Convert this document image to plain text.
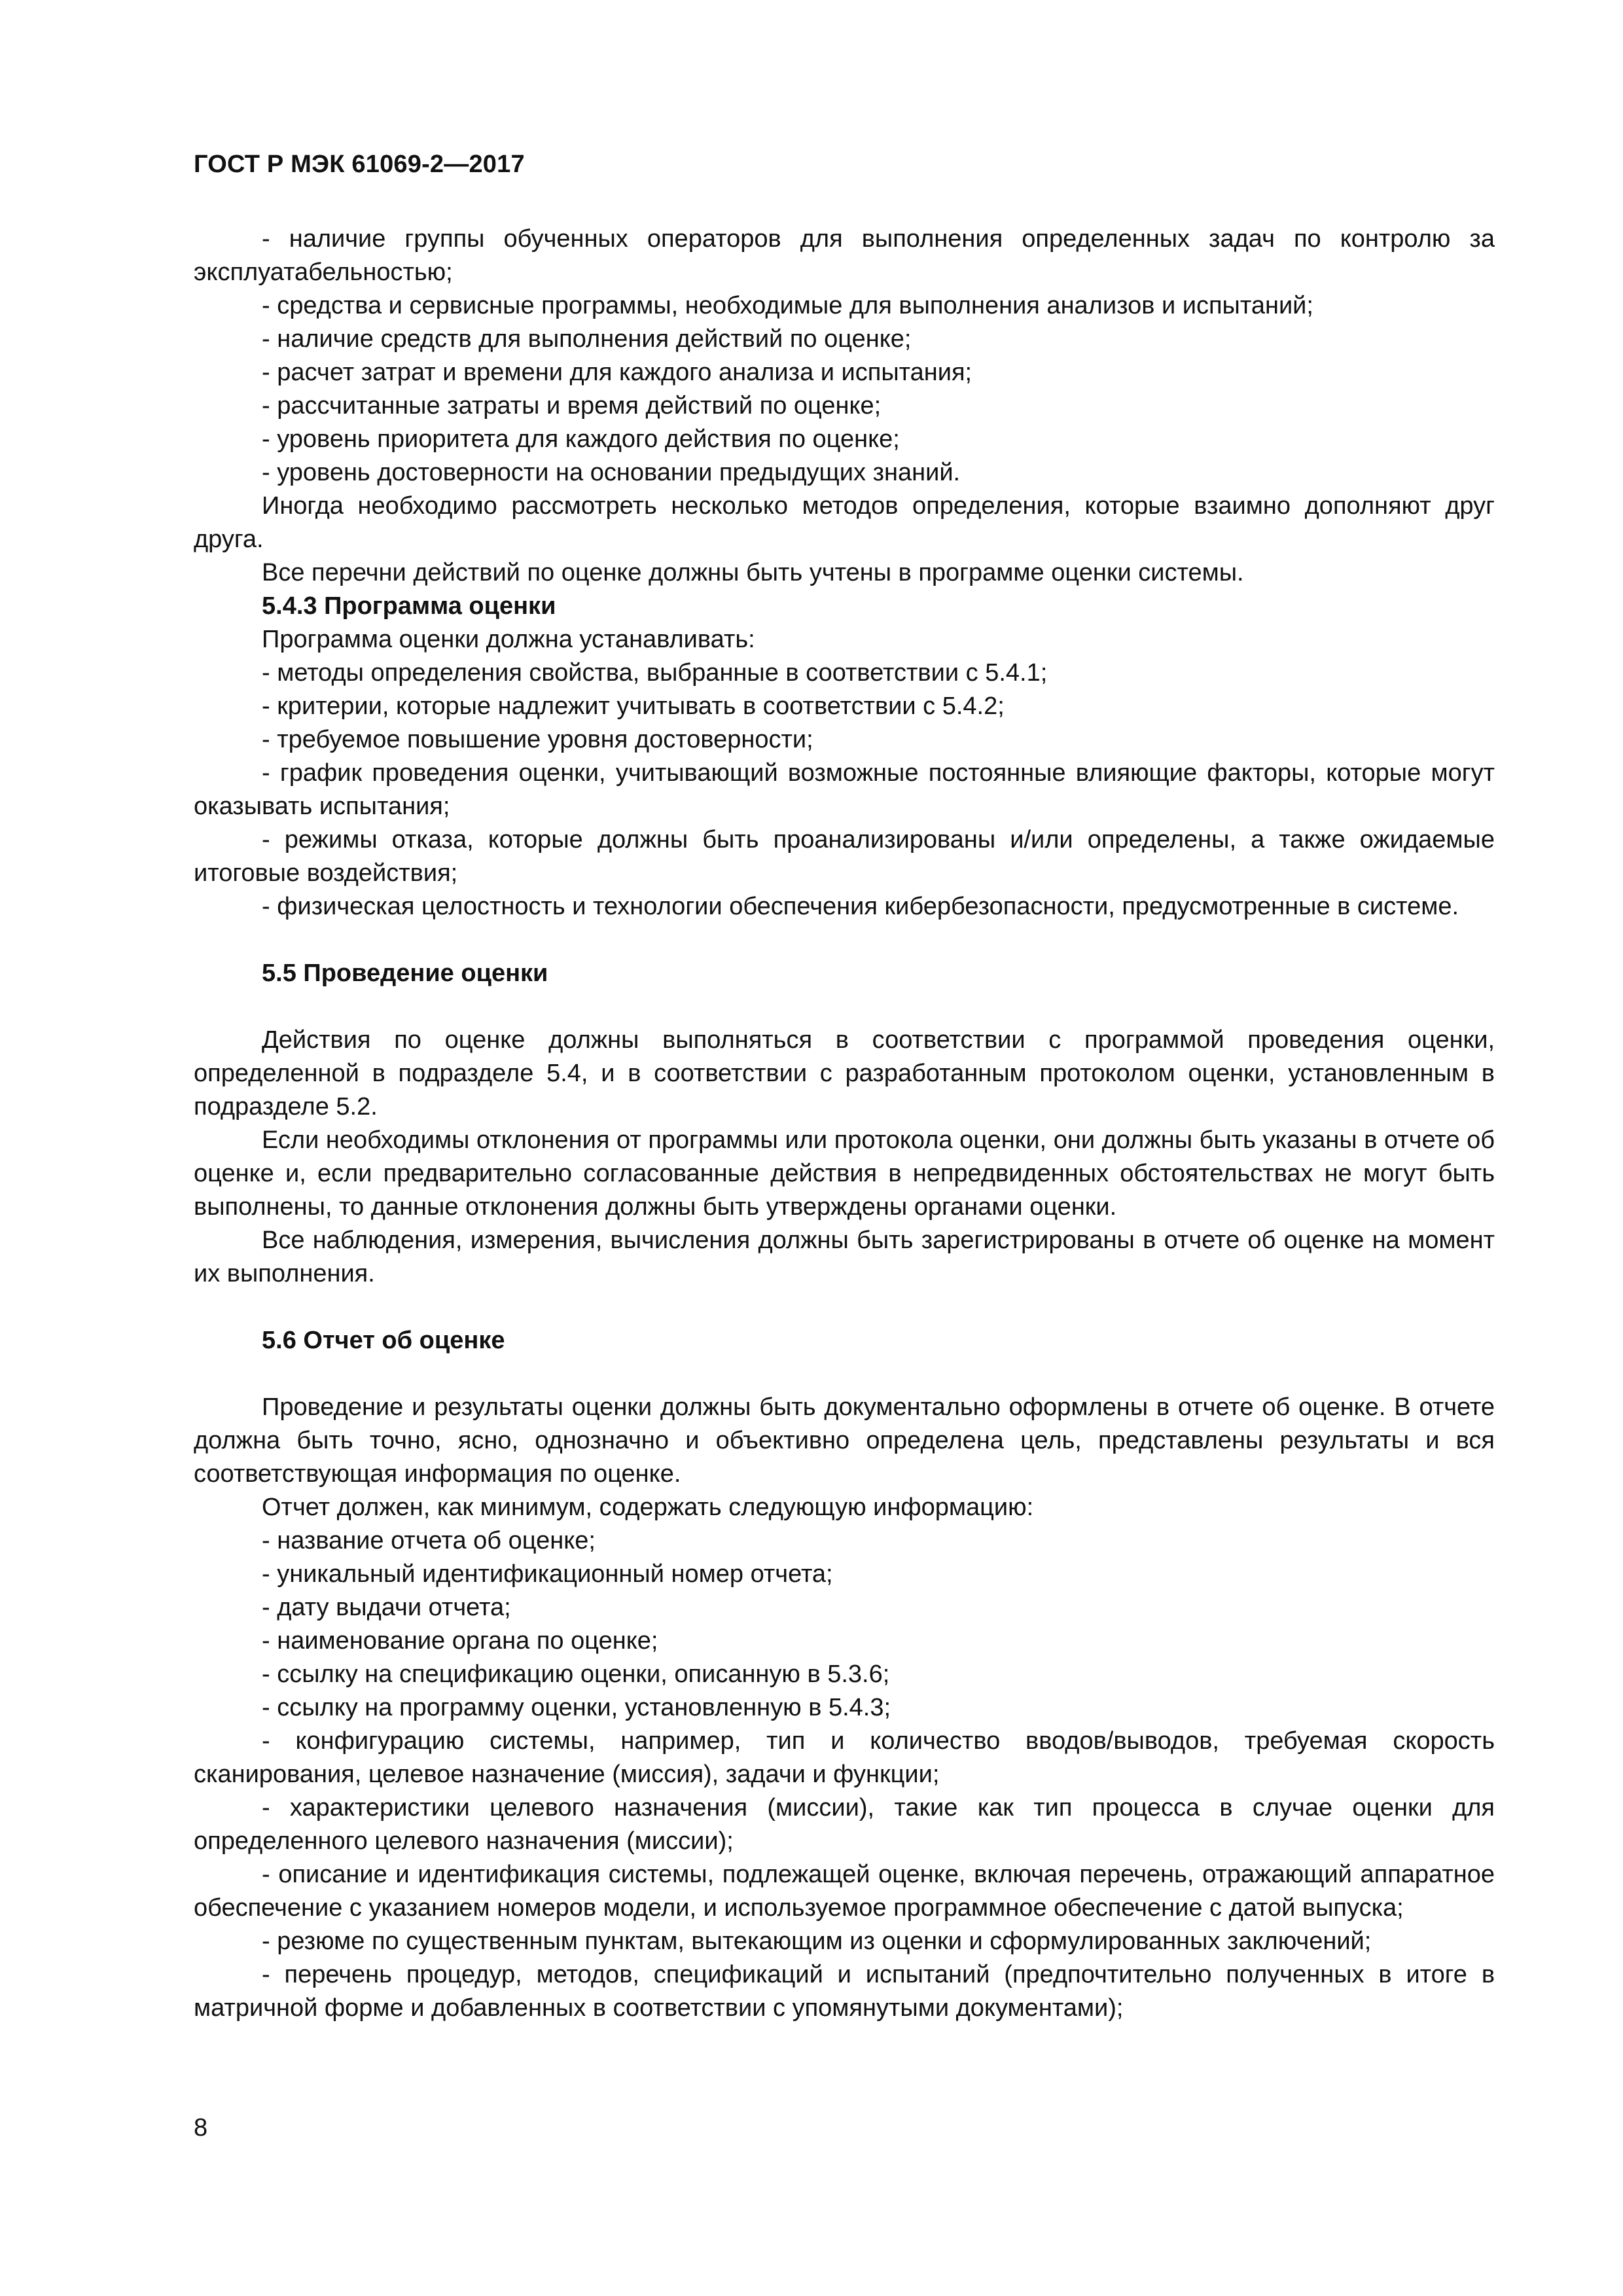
ГОСТ Р МЭК 61069-2—2017

- наличие группы обученных операторов для выполнения определенных задач по контролю за эксплуатабельностью;

- средства и сервисные программы, необходимые для выполнения анализов и испытаний;

- наличие средств для выполнения действий по оценке;

- расчет затрат и времени для каждого анализа и испытания;

- рассчитанные затраты и время действий по оценке;

- уровень приоритета для каждого действия по оценке;

- уровень достоверности на основании предыдущих знаний.

Иногда необходимо рассмотреть несколько методов определения, которые взаимно дополняют друг друга.

Все перечни действий по оценке должны быть учтены в программе оценки системы.

5.4.3 Программа оценки

Программа оценки должна устанавливать:

- методы определения свойства, выбранные в соответствии с 5.4.1;

- критерии, которые надлежит учитывать в соответствии с 5.4.2;

- требуемое повышение уровня достоверности;

- график проведения оценки, учитывающий возможные постоянные влияющие факторы, которые могут оказывать испытания;

- режимы отказа, которые должны быть проанализированы и/или определены, а также ожидаемые итоговые воздействия;

- физическая целостность и технологии обеспечения кибербезопасности, предусмотренные в системе.

5.5 Проведение оценки

Действия по оценке должны выполняться в соответствии с программой проведения оценки, определенной в подразделе 5.4, и в соответствии с разработанным протоколом оценки, установленным в подразделе 5.2.

Если необходимы отклонения от программы или протокола оценки, они должны быть указаны в отчете об оценке и, если предварительно согласованные действия в непредвиденных обстоятельствах не могут быть выполнены, то данные отклонения должны быть утверждены органами оценки.

Все наблюдения, измерения, вычисления должны быть зарегистрированы в отчете об оценке на момент их выполнения.

5.6 Отчет об оценке

Проведение и результаты оценки должны быть документально оформлены в отчете об оценке. В отчете должна быть точно, ясно, однозначно и объективно определена цель, представлены результаты и вся соответствующая информация по оценке.

Отчет должен, как минимум, содержать следующую информацию:

- название отчета об оценке;

- уникальный идентификационный номер отчета;

- дату выдачи отчета;

- наименование органа по оценке;

- ссылку на спецификацию оценки, описанную в 5.3.6;

- ссылку на программу оценки, установленную в 5.4.3;

- конфигурацию системы, например, тип и количество вводов/выводов, требуемая скорость сканирования, целевое назначение (миссия), задачи и функции;

- характеристики целевого назначения (миссии), такие как тип процесса в случае оценки для определенного целевого назначения (миссии);

- описание и идентификация системы, подлежащей оценке, включая перечень, отражающий аппаратное обеспечение с указанием номеров модели, и используемое программное обеспечение с датой выпуска;

- резюме по существенным пунктам, вытекающим из оценки и сформулированных заключений;

- перечень процедур, методов, спецификаций и испытаний (предпочтительно полученных в итоге в матричной форме и добавленных в соответствии с упомянутыми документами);

8
